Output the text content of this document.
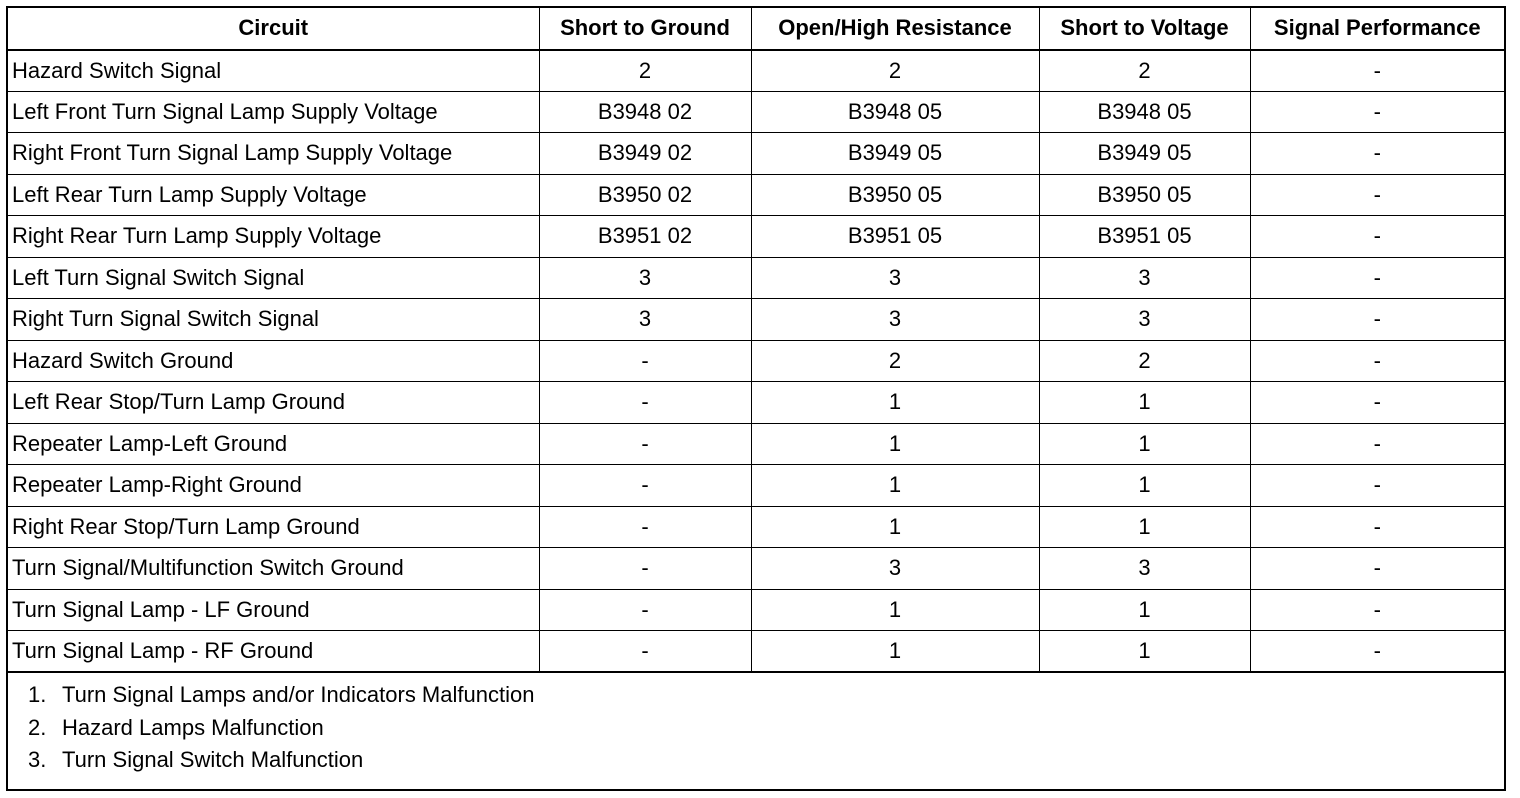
Circuit	Short to Ground	Open/High Resistance	Short to Voltage	Signal Performance
Hazard Switch Signal	2	2	2	-
Left Front Turn Signal Lamp Supply Voltage	B3948 02	B3948 05	B3948 05	-
Right Front Turn Signal Lamp Supply Voltage	B3949 02	B3949 05	B3949 05	-
Left Rear Turn Lamp Supply Voltage	B3950 02	B3950 05	B3950 05	-
Right Rear Turn Lamp Supply Voltage	B3951 02	B3951 05	B3951 05	-
Left Turn Signal Switch Signal	3	3	3	-
Right Turn Signal Switch Signal	3	3	3	-
Hazard Switch Ground	-	2	2	-
Left Rear Stop/Turn Lamp Ground	-	1	1	-
Repeater Lamp-Left Ground	-	1	1	-
Repeater Lamp-Right Ground	-	1	1	-
Right Rear Stop/Turn Lamp Ground	-	1	1	-
Turn Signal/Multifunction Switch Ground	-	3	3	-
Turn Signal Lamp - LF Ground	-	1	1	-
Turn Signal Lamp - RF Ground	-	1	1	-
1. Turn Signal Lamps and/or Indicators Malfunction
2. Hazard Lamps Malfunction
3. Turn Signal Switch Malfunction
